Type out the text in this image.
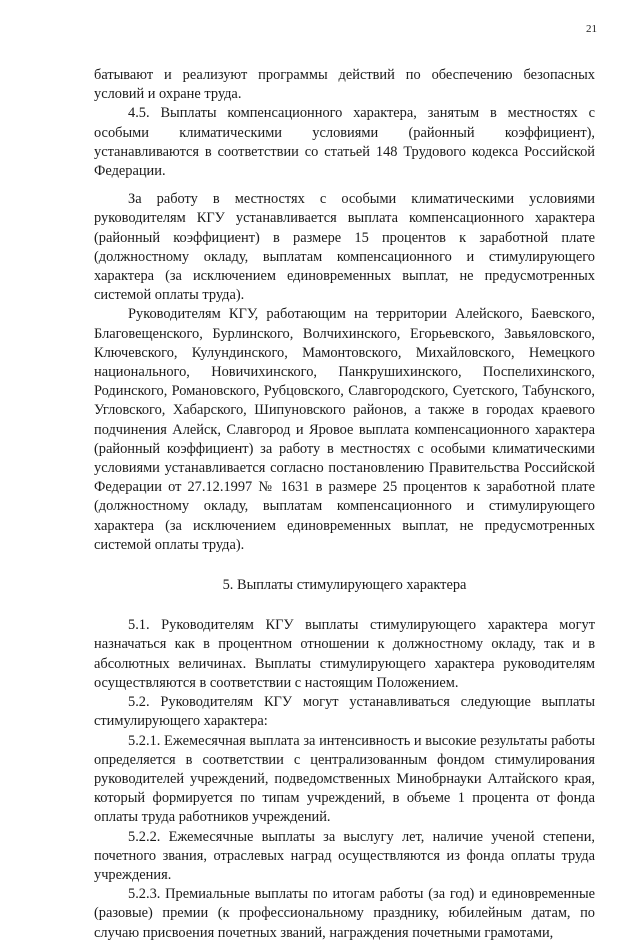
21

батывают и реализуют программы действий по обеспечению безопасных условий и охране труда.

4.5. Выплаты компенсационного характера, занятым в местностях с особыми климатическими условиями (районный коэффициент), устанавливаются в соответствии со статьей 148 Трудового кодекса Российской Федерации.

За работу в местностях с особыми климатическими условиями руководителям КГУ устанавливается выплата компенсационного характера (районный коэффициент) в размере 15 процентов к заработной плате (должностному окладу, выплатам компенсационного и стимулирующего характера (за исключением единовременных выплат, не предусмотренных системой оплаты труда).

Руководителям КГУ, работающим на территории Алейского, Баевского, Благовещенского, Бурлинского, Волчихинского, Егорьевского, Завьяловского, Ключевского, Кулундинского, Мамонтовского, Михайловского, Немецкого национального, Новичихинского, Панкрушихинского, Поспелихинского, Родинского, Романовского, Рубцовского, Славгородского, Суетского, Табунского, Угловского, Хабарского, Шипуновского районов, а также в городах краевого подчинения Алейск, Славгород и Яровое выплата компенсационного характера (районный коэффициент) за работу в местностях с особыми климатическими условиями устанавливается согласно постановлению Правительства Российской Федерации от 27.12.1997 № 1631 в размере 25 процентов к заработной плате (должностному окладу, выплатам компенсационного и стимулирующего характера (за исключением единовременных выплат, не предусмотренных системой оплаты труда).

5. Выплаты стимулирующего характера

5.1. Руководителям КГУ выплаты стимулирующего характера могут назначаться как в процентном отношении к должностному окладу, так и в абсолютных величинах. Выплаты стимулирующего характера руководителям осуществляются в соответствии с настоящим Положением.

5.2. Руководителям КГУ могут устанавливаться следующие выплаты стимулирующего характера:

5.2.1. Ежемесячная выплата за интенсивность и высокие результаты работы определяется в соответствии с централизованным фондом стимулирования руководителей учреждений, подведомственных Минобрнауки Алтайского края, который формируется по типам учреждений, в объеме 1 процента от фонда оплаты труда работников учреждений.

5.2.2. Ежемесячные выплаты за выслугу лет, наличие ученой степени, почетного звания, отраслевых наград осуществляются из фонда оплаты труда учреждения.

5.2.3. Премиальные выплаты по итогам работы (за год) и единовременные (разовые) премии (к профессиональному празднику, юбилейным датам, по случаю присвоения почетных званий, награждения почетными грамотами,
